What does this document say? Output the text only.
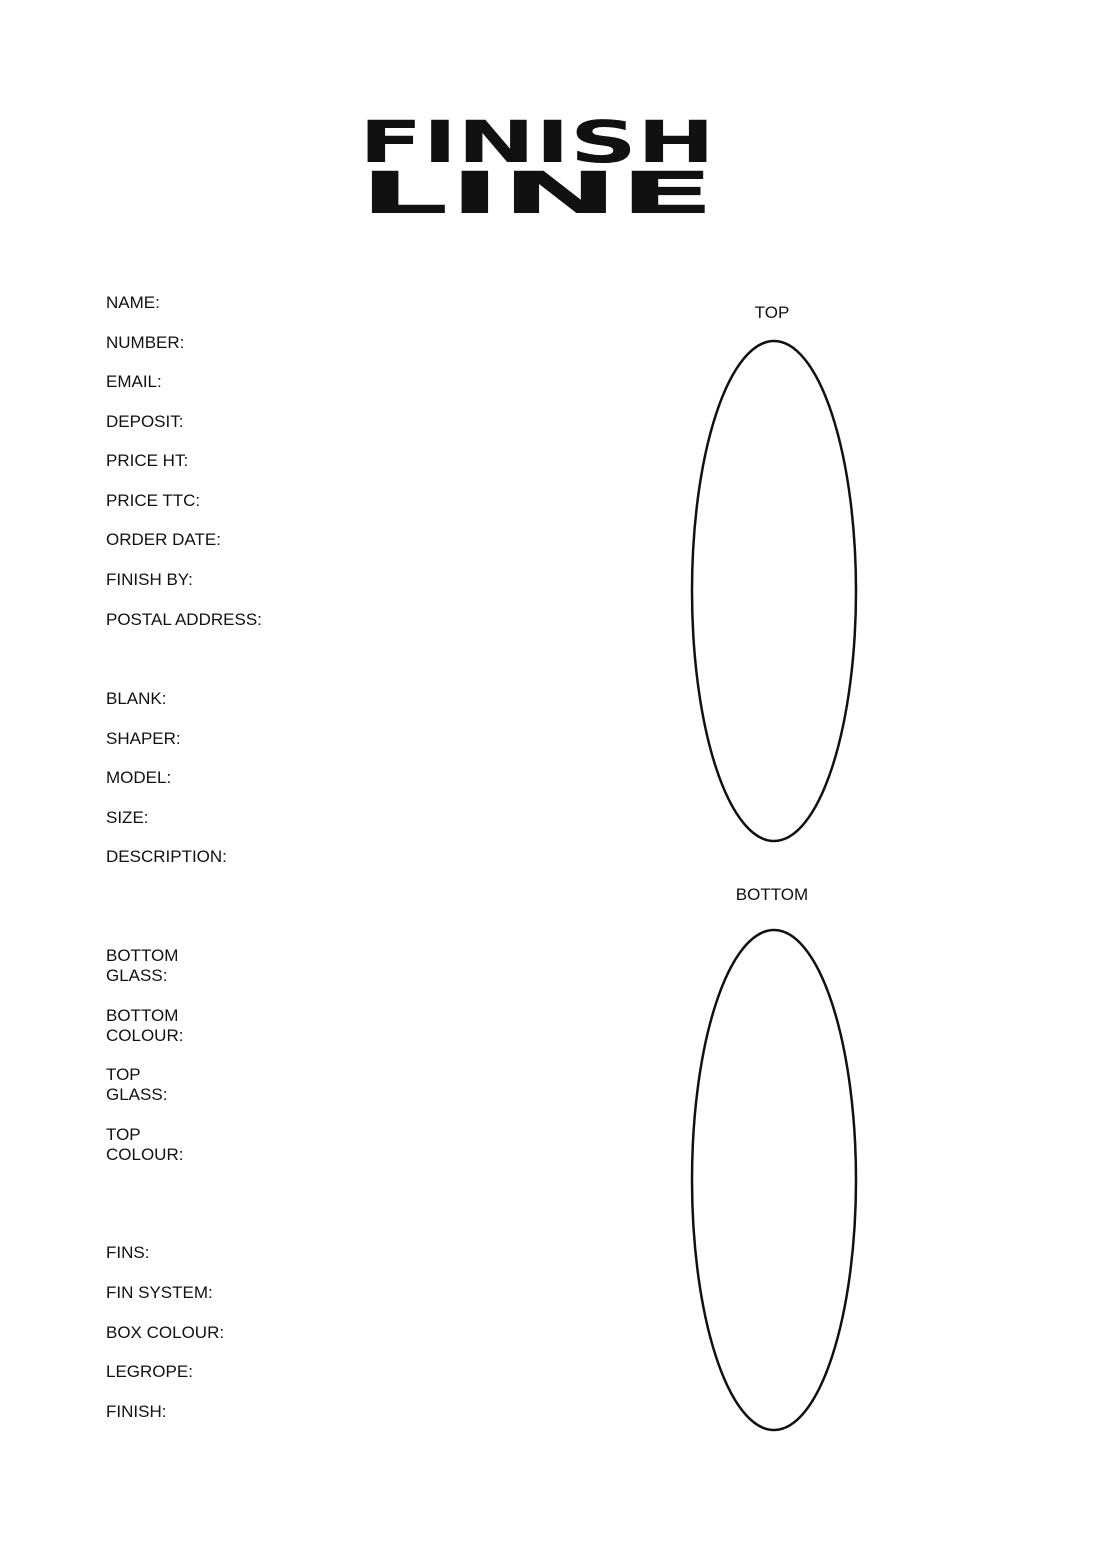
FINISH
LINE

NAME:

NUMBER:

EMAIL:

DEPOSIT:

PRICE HT:

PRICE TTC:

ORDER DATE:

FINISH BY:

POSTAL ADDRESS:

BLANK:

SHAPER:

MODEL:

SIZE:

DESCRIPTION:

BOTTOM
GLASS:

BOTTOM
COLOUR:

TOP
GLASS:

TOP
COLOUR:

FINS:

FIN SYSTEM:

BOX COLOUR:

LEGROPE:

FINISH:

TOP
BOTTOM
